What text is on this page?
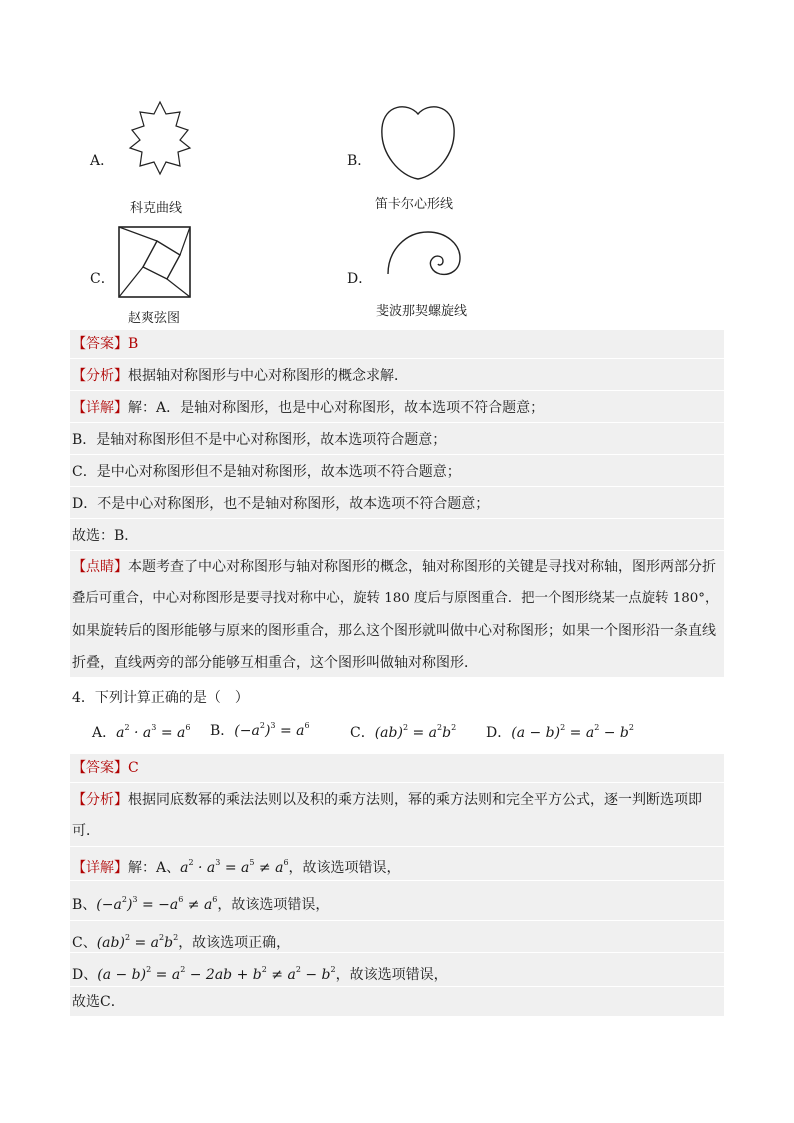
A．
科克曲线
B．
笛卡尔心形线
C．
赵爽弦图
D．
斐波那契螺旋线
【答案】B
【分析】根据轴对称图形与中心对称图形的概念求解．
【详解】解：A．是轴对称图形，也是中心对称图形，故本选项不符合题意；
B．是轴对称图形但不是中心对称图形，故本选项符合题意；
C．是中心对称图形但不是轴对称图形，故本选项不符合题意；
D．不是中心对称图形，也不是轴对称图形，故本选项不符合题意；
故选：B．
【点睛】本题考查了中心对称图形与轴对称图形的概念，轴对称图形的关键是寻找对称轴，图形两部分折
叠后可重合，中心对称图形是要寻找对称中心，旋转 180 度后与原图重合．把一个图形绕某一点旋转 180°，
如果旋转后的图形能够与原来的图形重合，那么这个图形就叫做中心对称图形；如果一个图形沿一条直线
折叠，直线两旁的部分能够互相重合，这个图形叫做轴对称图形．
4．下列计算正确的是（　）
A．$a^2 \cdot a^3 = a^6$ B．$(-a^2)^3 = a^6$	C．$(ab)^2 = a^2b^2$ D．$(a - b)^2 = a^2 - b^2$
【答案】C
【分析】根据同底数幂的乘法法则以及积的乘方法则，幂的乘方法则和完全平方公式，逐一判断选项即
可．
【详解】解：A、$a^2 \cdot a^3 = a^5 \ne a^6$，故该选项错误，
B、$(-a^2)^3 = -a^6 \ne a^6$，故该选项错误，
C、$(ab)^2 = a^2b^2$，故该选项正确，
D、$(a - b)^2 = a^2 - 2ab + b^2 \ne a^2 - b^2$，故该选项错误，
故选C．
